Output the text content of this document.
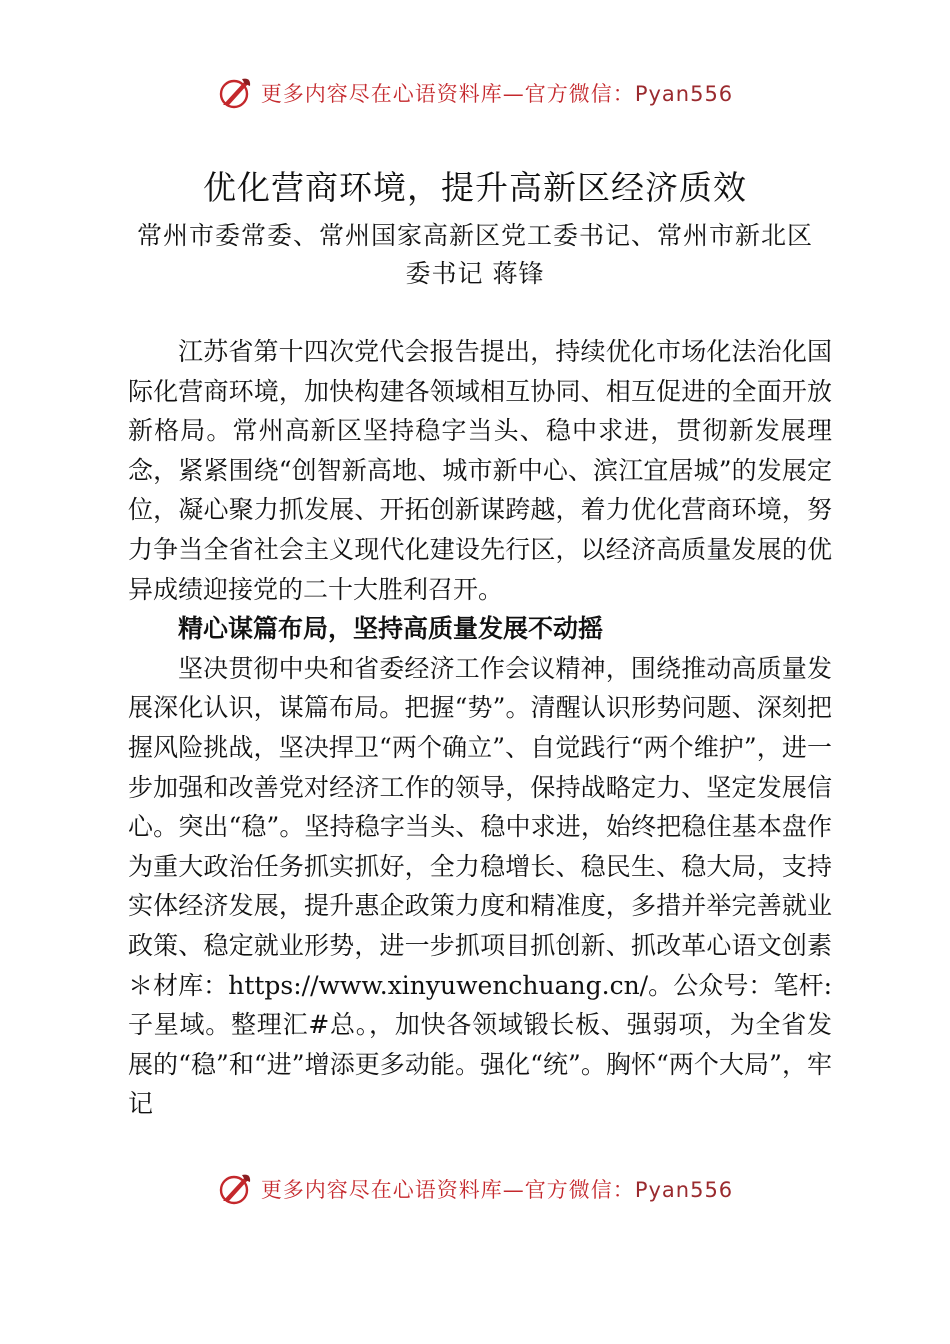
更多内容尽在心语资料库—官方微信：Pyan556
优化营商环境，提升高新区经济质效
常州市委常委、常州国家高新区党工委书记、常州市新北区
委书记 蒋锋

江苏省第十四次党代会报告提出，持续优化市场化法治化国际化营商环境，加快构建各领域相互协同、相互促进的全面开放新格局。常州高新区坚持稳字当头、稳中求进，贯彻新发展理念，紧紧围绕“创智新高地、城市新中心、滨江宜居城”的发展定位，凝心聚力抓发展、开拓创新谋跨越，着力优化营商环境，努力争当全省社会主义现代化建设先行区，以经济高质量发展的优异成绩迎接党的二十大胜利召开。

精心谋篇布局，坚持高质量发展不动摇

坚决贯彻中央和省委经济工作会议精神，围绕推动高质量发展深化认识，谋篇布局。把握“势”。清醒认识形势问题、深刻把握风险挑战，坚决捍卫“两个确立”、自觉践行“两个维护”，进一步加强和改善党对经济工作的领导，保持战略定力、坚定发展信心。突出“稳”。坚持稳字当头、稳中求进，始终把稳住基本盘作为重大政治任务抓实抓好，全力稳增长、稳民生、稳大局，支持实体经济发展，提升惠企政策力度和精准度，多措并举完善就业政策、稳定就业形势，进一步抓项目抓创新、抓改革心语文创素＊材库：https://www.xinyuwenchuang.cn/。公众号：笔杆:子星域。整理汇#总。，加快各领域锻长板、强弱项，为全省发展的“稳”和“进”增添更多动能。强化“统”。胸怀“两个大局”，牢记

更多内容尽在心语资料库—官方微信：Pyan556
